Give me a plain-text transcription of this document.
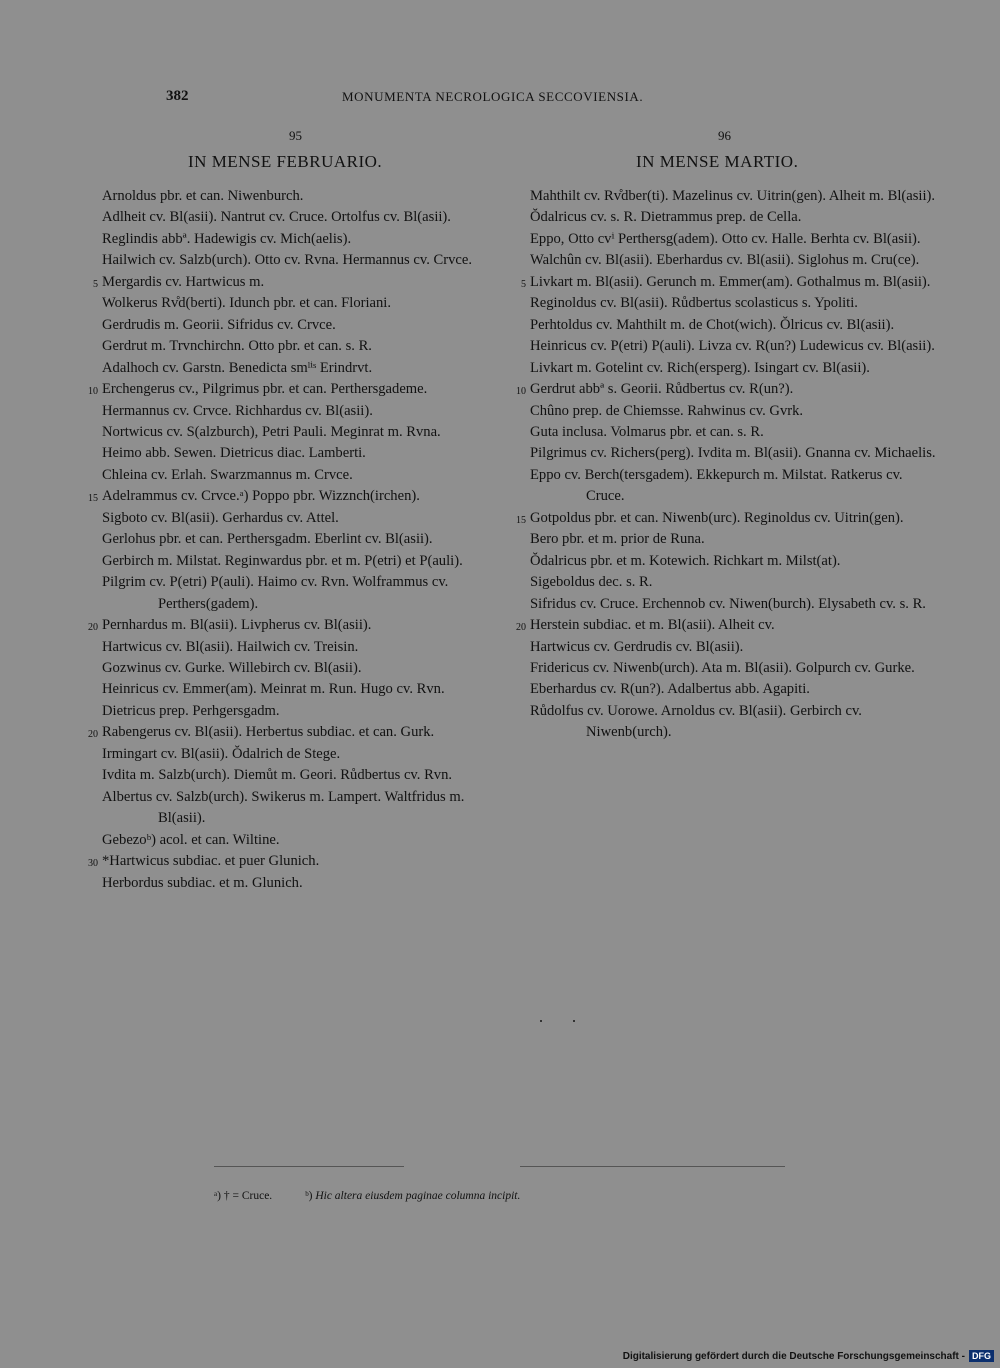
382	MONUMENTA NECROLOGICA SECCOVIENSIA.
95	96
IN MENSE FEBRUARIO.	IN MENSE MARTIO.
Arnoldus pbr. et can. Niwenburch.
Adlheit cv. Bl(asii). Nantrut cv. Cruce. Ortolfus cv. Bl(asii).
Reglindis abbª. Hadewigis cv. Mich(aelis).
Hailwich cv. Salzb(urch). Otto cv. Rvna. Hermannus cv. Crvce.
5 Mergardis cv. Hartwicus m.
Wolkerus Rv̊d(berti). Idunch pbr. et can. Floriani.
Gerdrudis m. Georii. Sifridus cv. Crvce.
Gerdrut m. Trvnchirchn. Otto pbr. et can. s. R.
Adalhoch cv. Garstn. Benedicta smˡⁱˢ Erindrvt.
10 Erchengerus cv., Pilgrimus pbr. et can. Perthersgademe.
Hermannus cv. Crvce. Richhardus cv. Bl(asii).
Nortwicus cv. S(alzburch), Petri Pauli. Meginrat m. Rvna.
Heimo abb. Sewen. Dietricus diac. Lamberti.
Chleina cv. Erlah. Swarzmannus m. Crvce.
15 Adelrammus cv. Crvce.ᵃ) Poppo pbr. Wizznch(irchen).
Sigboto cv. Bl(asii). Gerhardus cv. Attel.
Gerlohus pbr. et can. Perthersgadm. Eberlint cv. Bl(asii).
Gerbirch m. Milstat. Reginwardus pbr. et m. P(etri) et P(auli).
Pilgrim cv. P(etri) P(auli). Haimo cv. Rvn. Wolframmus cv. Perthers(gadem).
20 Pernhardus m. Bl(asii). Livpherus cv. Bl(asii).
Hartwicus cv. Bl(asii). Hailwich cv. Treisin.
Gozwinus cv. Gurke. Willebirch cv. Bl(asii).
Heinricus cv. Emmer(am). Meinrat m. Run. Hugo cv. Rvn.
Dietricus prep. Perhgersgadm.
20 Rabengerus cv. Bl(asii). Herbertus subdiac. et can. Gurk.
Irmingart cv. Bl(asii). Ŏdalrich de Stege.
Ivdita m. Salzb(urch). Diemůt m. Geori. Růdbertus cv. Rvn.
Albertus cv. Salzb(urch). Swikerus m. Lampert. Waltfridus m. Bl(asii).
Gebezoᵇ) acol. et can. Wiltine.
30 *Hartwicus subdiac. et puer Glunich.
Herbordus subdiac. et m. Glunich.
Mahthilt cv. Rv̊dber(ti). Mazelinus cv. Uitrin(gen). Alheit m. Bl(asii).
Ŏdalricus cv. s. R. Dietrammus prep. de Cella.
Eppo, Otto cvⁱ Perthersg(adem). Otto cv. Halle. Berhta cv. Bl(asii).
Walchûn cv. Bl(asii). Eberhardus cv. Bl(asii). Siglohus m. Cru(ce).
5 Livkart m. Bl(asii). Gerunch m. Emmer(am). Gothalmus m. Bl(asii).
Reginoldus cv. Bl(asii). Růdbertus scolasticus s. Ypoliti.
Perhtoldus cv. Mahthilt m. de Chot(wich). Ŏlricus cv. Bl(asii).
Heinricus cv. P(etri) P(auli). Livza cv. R(un?) Ludewicus cv. Bl(asii).
Livkart m. Gotelint cv. Rich(ersperg). Isingart cv. Bl(asii).
10 Gerdrut abbª s. Georii. Růdbertus cv. R(un?).
Chûno prep. de Chiemsse. Rahwinus cv. Gvrk.
Guta inclusa. Volmarus pbr. et can. s. R.
Pilgrimus cv. Richers(perg). Ivdita m. Bl(asii). Gnanna cv. Michaelis.
Eppo cv. Berch(tersgadem). Ekkepurch m. Milstat. Ratkerus cv. Cruce.
15 Gotpoldus pbr. et can. Niwenb(urc). Reginoldus cv. Uitrin(gen).
Bero pbr. et m. prior de Runa.
Ŏdalricus pbr. et m. Kotewich. Richkart m. Milst(at).
Sigeboldus dec. s. R.
Sifridus cv. Cruce. Erchennob cv. Niwen(burch). Elysabeth cv. s. R.
20 Herstein subdiac. et m. Bl(asii). Alheit cv.
Hartwicus cv. Gerdrudis cv. Bl(asii).
Fridericus cv. Niwenb(urch). Ata m. Bl(asii). Golpurch cv. Gurke.
Eberhardus cv. R(un?). Adalbertus abb. Agapiti.
Růdolfus cv. Uorowe. Arnoldus cv. Bl(asii). Gerbirch cv. Niwenb(urch).
ᵃ) † = Cruce.	ᵇ) Hic altera eiusdem paginae columna incipit.
Digitalisierung gefördert durch die Deutsche Forschungsgemeinschaft - DFG
